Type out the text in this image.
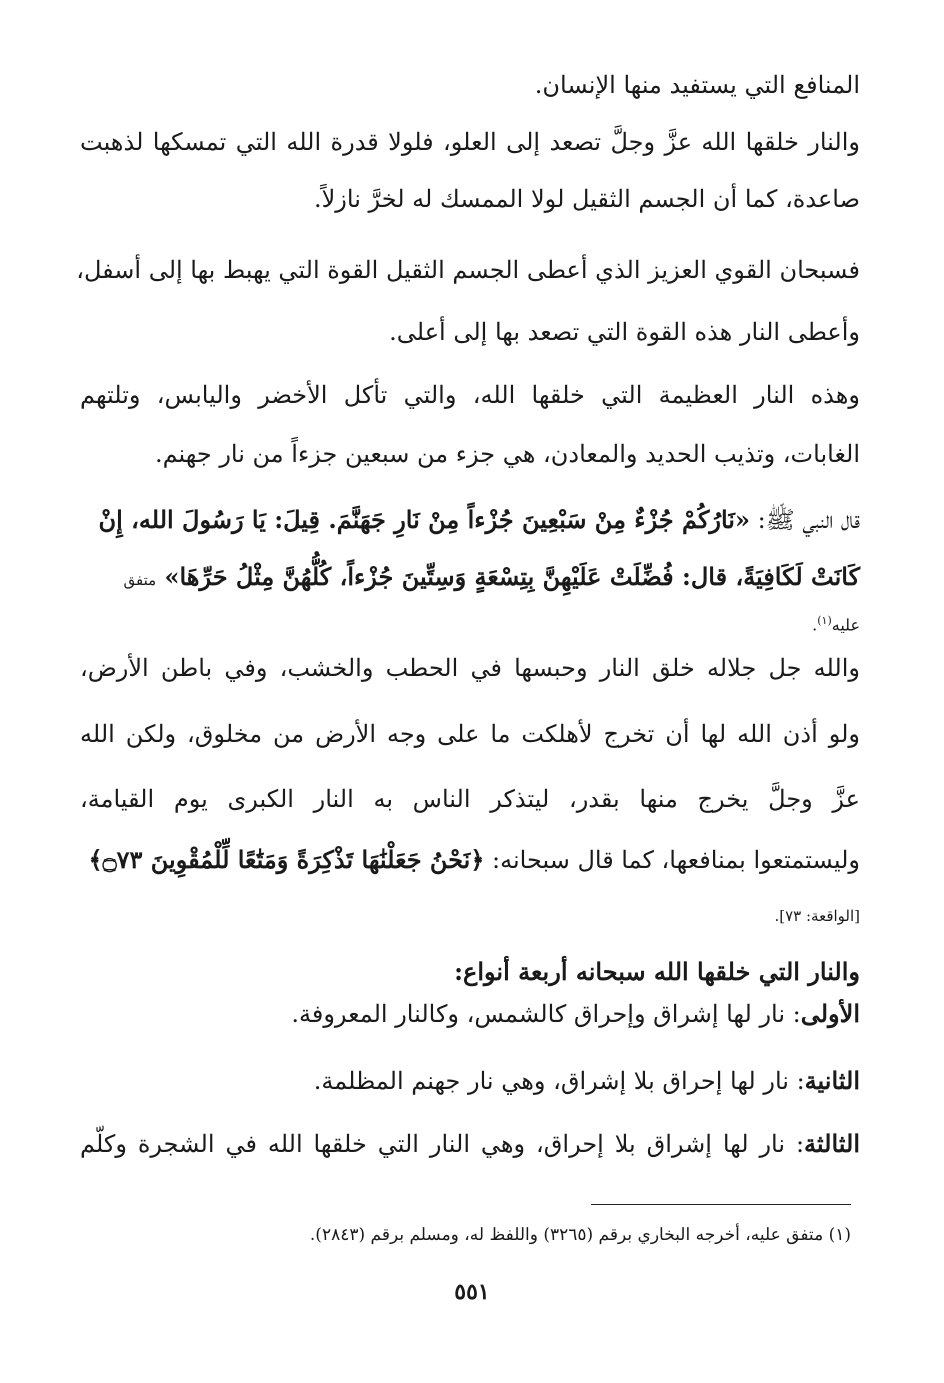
المنافع التي يستفيد منها الإنسان.
والنار خلقها الله عزَّ وجلَّ تصعد إلى العلو، فلولا قدرة الله التي تمسكها لذهبت
صاعدة، كما أن الجسم الثقيل لولا الممسك له لخرَّ نازلاً.
فسبحان القوي العزيز الذي أعطى الجسم الثقيل القوة التي يهبط بها إلى أسفل،
وأعطى النار هذه القوة التي تصعد بها إلى أعلى.
وهذه النار العظيمة التي خلقها الله، والتي تأكل الأخضر واليابس، وتلتهم
الغابات، وتذيب الحديد والمعادن، هي جزء من سبعين جزءاً من نار جهنم.
قال النبي ﷺ: «نَارُكُمْ جُزْءٌ مِنْ سَبْعِينَ جُزْءاً مِنْ نَارِ جَهَنَّمَ. قِيلَ: يَا رَسُولَ الله، إِنْ
كَانَتْ لَكَافِيَةً، قال: فُضِّلَتْ عَلَيْهِنَّ بِتِسْعَةٍ وَسِتِّينَ جُزْءاً، كُلُّهُنَّ مِثْلُ حَرِّهَا» متفق
عليه$^{(١)}$.
والله جل جلاله خلق النار وحبسها في الحطب والخشب، وفي باطن الأرض،
ولو أذن الله لها أن تخرج لأهلكت ما على وجه الأرض من مخلوق، ولكن الله
عزَّ وجلَّ يخرج منها بقدر، ليتذكر الناس به النار الكبرى يوم القيامة،
وليستمتعوا بمنافعها، كما قال سبحانه: ﴿نَحْنُ جَعَلْنَٰهَا تَذْكِرَةً وَمَتَٰعًا لِّلْمُقْوِينَ ۝٧٣﴾
[الواقعة: ٧٣].
والنار التي خلقها الله سبحانه أربعة أنواع:
الأولى: نار لها إشراق وإحراق كالشمس، وكالنار المعروفة.
الثانية: نار لها إحراق بلا إشراق، وهي نار جهنم المظلمة.
الثالثة: نار لها إشراق بلا إحراق، وهي النار التي خلقها الله في الشجرة وكلّم
(١) متفق عليه، أخرجه البخاري برقم (٣٢٦٥) واللفظ له، ومسلم برقم (٢٨٤٣).
٥٥١
